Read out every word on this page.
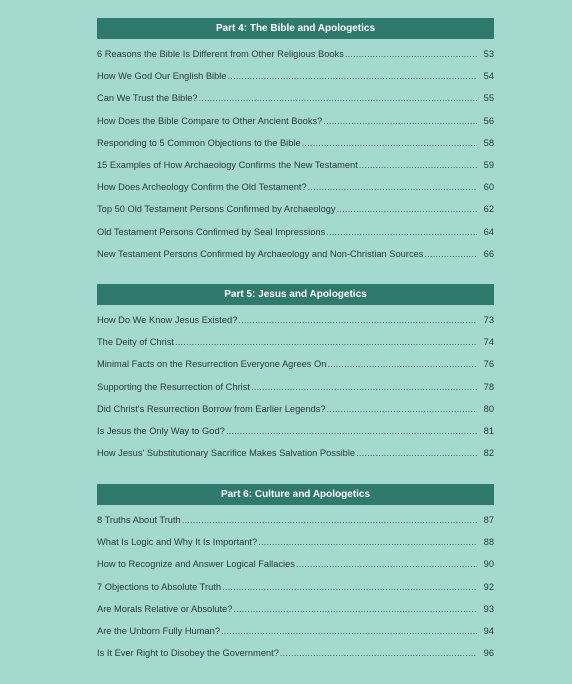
Part 4: The Bible and Apologetics
6 Reasons the Bible Is Different from Other Religious Books . . .	53
How We God Our English Bible . . .	54
Can We Trust the Bible? . . .	55
How Does the Bible Compare to Other Ancient Books? . . .	56
Responding to 5 Common Objections to the Bible . . .	58
15 Examples of How Archaeology Confirms the New Testament . . .	59
How Does Archeology Confirm the Old Testament? . . .	60
Top 50 Old Testament Persons Confirmed by Archaeology . . .	62
Old Testament Persons Confirmed by Seal Impressions . . .	64
New Testament Persons Confirmed by Archaeology and Non-Christian Sources . . .	66
Part 5: Jesus and Apologetics
How Do We Know Jesus Existed? . . .	73
The Deity of Christ . . .	74
Minimal Facts on the Resurrection Everyone Agrees On . . .	76
Supporting the Resurrection of Christ . . .	78
Did Christ's Resurrection Borrow from Earlier Legends? . . .	80
Is Jesus the Only Way to God? . . .	81
How Jesus' Substitutionary Sacrifice Makes Salvation Possible . . .	82
Part 6: Culture and Apologetics
8 Truths About Truth . . .	87
What Is Logic and Why It Is Important? . . .	88
How to Recognize and Answer Logical Fallacies . . .	90
7 Objections to Absolute Truth . . .	92
Are Morals Relative or Absolute? . . .	93
Are the Unborn Fully Human? . . .	94
Is It Ever Right to Disobey the Government? . . .	96
